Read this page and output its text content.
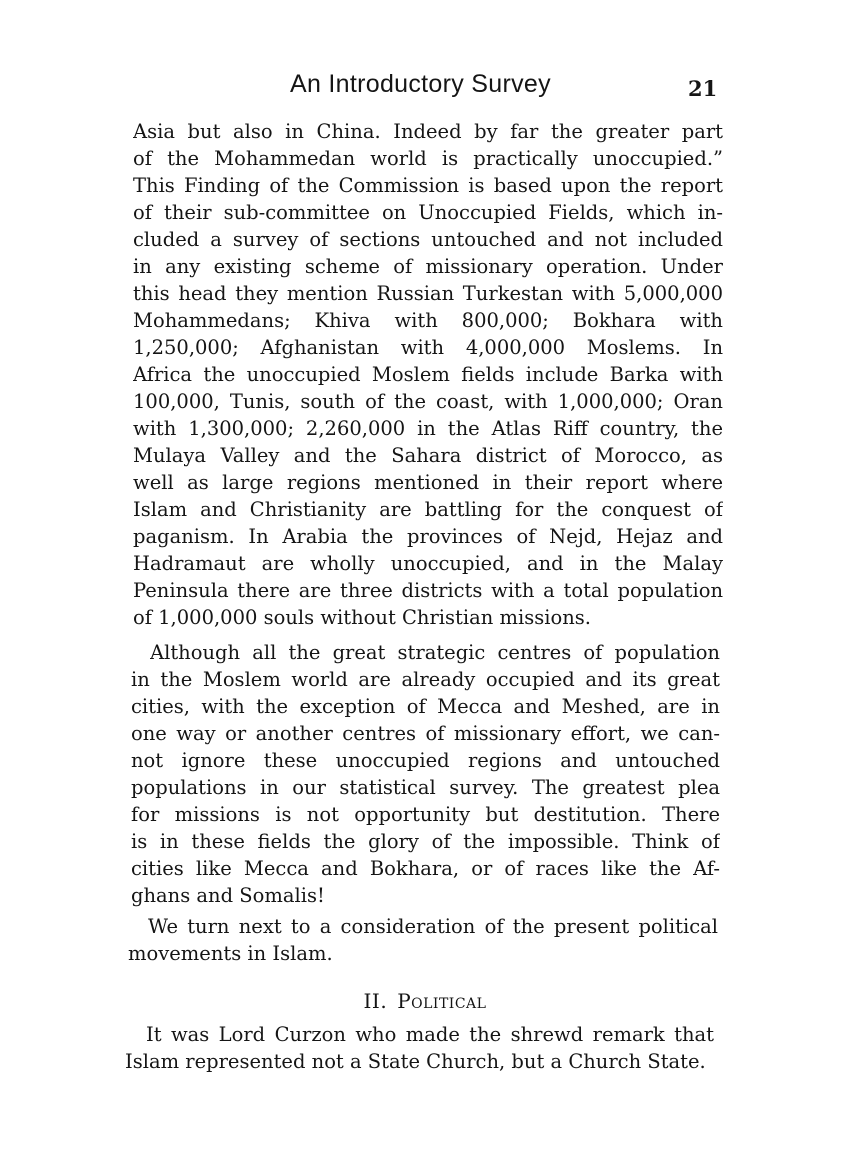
An Introductory Survey	21
Asia but also in China. Indeed by far the greater part
of the Mohammedan world is practically unoccupied.”
This Finding of the Commission is based upon the report
of their sub-committee on Unoccupied Fields, which in-
cluded a survey of sections untouched and not included
in any existing scheme of missionary operation. Under
this head they mention Russian Turkestan with 5,000,000
Mohammedans; Khiva with 800,000; Bokhara with
1,250,000; Afghanistan with 4,000,000 Moslems. In
Africa the unoccupied Moslem fields include Barka with
100,000, Tunis, south of the coast, with 1,000,000; Oran
with 1,300,000; 2,260,000 in the Atlas Riff country, the
Mulaya Valley and the Sahara district of Morocco, as
well as large regions mentioned in their report where
Islam and Christianity are battling for the conquest of
paganism. In Arabia the provinces of Nejd, Hejaz and
Hadramaut are wholly unoccupied, and in the Malay
Peninsula there are three districts with a total population
of 1,000,000 souls without Christian missions.
Although all the great strategic centres of population
in the Moslem world are already occupied and its great
cities, with the exception of Mecca and Meshed, are in
one way or another centres of missionary effort, we can-
not ignore these unoccupied regions and untouched
populations in our statistical survey. The greatest plea
for missions is not opportunity but destitution. There
is in these fields the glory of the impossible. Think of
cities like Mecca and Bokhara, or of races like the Af-
ghans and Somalis!
We turn next to a consideration of the present political
movements in Islam.
II. Political
It was Lord Curzon who made the shrewd remark that
Islam represented not a State Church, but a Church State.
